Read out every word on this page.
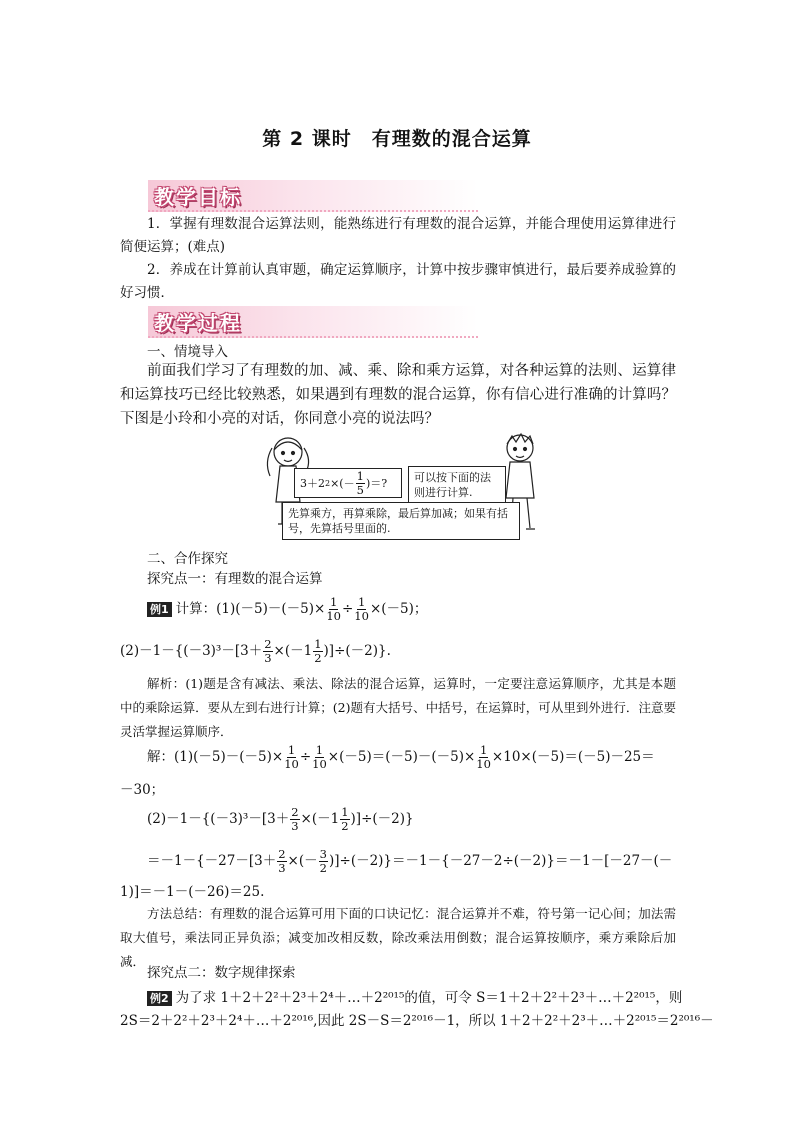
第 2 课时　有理数的混合运算
教学目标
1．掌握有理数混合运算法则，能熟练进行有理数的混合运算，并能合理使用运算律进行简便运算；(难点)
2．养成在计算前认真审题，确定运算顺序，计算中按步骤审慎进行，最后要养成验算的好习惯．
教学过程
一、情境导入
前面我们学习了有理数的加、减、乘、除和乘方运算，对各种运算的法则、运算律和运算技巧已经比较熟悉，如果遇到有理数的混合运算，你有信心进行准确的计算吗？下图是小玲和小亮的对话，你同意小亮的说法吗？
3＋2 2 ×(－ $\frac{1}{5}$ )＝?	可以按下面的法则进行计算.
先算乘方，再算乘除，最后算加减；如果有括号，先算括号里面的.
二、合作探究
探究点一：有理数的混合运算
例1 计算：$(1)(-5)-(-5)\times \frac{1}{10} \div \frac{1}{10} \times(-5)$；
$(2)-1-\{(-3)^3-[3+ \frac{2}{3} \times(-1 \frac{1}{2} )]\div(-2)\}$.
解析：(1)题是含有减法、乘法、除法的混合运算，运算时，一定要注意运算顺序，尤其是本题中的乘除运算．要从左到右进行计算；(2)题有大括号、中括号，在运算时，可从里到外进行．注意要灵活掌握运算顺序．
解：$(1)(-5)-(-5)\times \frac{1}{10} \div \frac{1}{10} \times(-5)=(-5)-(-5)\times \frac{1}{10} \times 10\times(-5)=(-5)-25=$
－30；
$(2)-1-\{(-3)^3-[3+ \frac{2}{3} \times(-1 \frac{1}{2} )]\div(-2)\}$
$=-1-\{-27-[3+ \frac{2}{3}$ ×(－ $\frac{3}{2} )]\div(-2)\}=-1-\{-27-2\div(-2)\}=-1-[-27-(-$
1)]＝－1－(－26)＝25.
方法总结：有理数的混合运算可用下面的口诀记忆：混合运算并不难，符号第一记心间；加法需取大值号，乘法同正异负添；减变加改相反数，除改乘法用倒数；混合运算按顺序，乘方乘除后加减．
探究点二：数字规律探索
例2 为了求 1＋2＋2²＋2³＋2⁴＋…＋2²⁰¹⁵的值，可令 S＝1＋2＋2²＋2³＋…＋2²⁰¹⁵，则
2S＝2＋2²＋2³＋2⁴＋…＋2²⁰¹⁶,因此 2S－S＝2²⁰¹⁶－1，所以 1＋2＋2²＋2³＋…＋2²⁰¹⁵＝2²⁰¹⁶－
